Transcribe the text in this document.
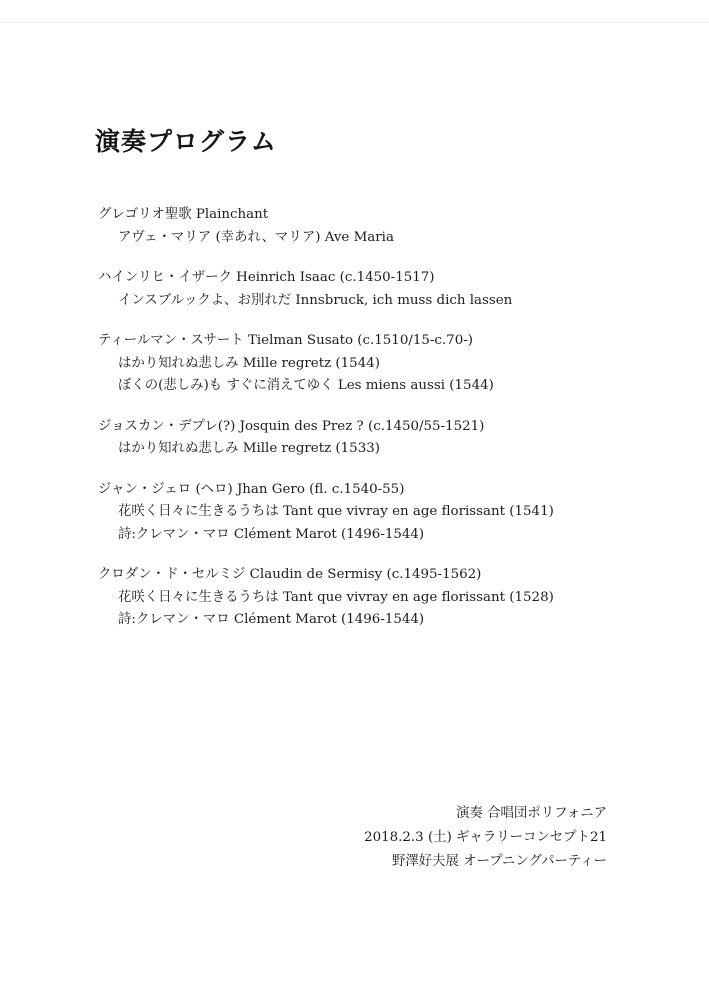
演奏プログラム
グレゴリオ聖歌 Plainchant
アヴェ・マリア (幸あれ、マリア) Ave Maria
ハインリヒ・イザーク Heinrich Isaac (c.1450-1517)
インスブルックよ、お別れだ Innsbruck, ich muss dich lassen
ティールマン・スサート Tielman Susato (c.1510/15-c.70-)
はかり知れぬ悲しみ Mille regretz (1544)
ぼくの(悲しみ)も すぐに消えてゆく Les miens aussi (1544)
ジョスカン・デプレ(?) Josquin des Prez ? (c.1450/55-1521)
はかり知れぬ悲しみ Mille regretz (1533)
ジャン・ジェロ (ヘロ) Jhan Gero (fl. c.1540-55)
花咲く日々に生きるうちは Tant que vivray en age florissant (1541)
詩:クレマン・マロ Clément Marot (1496-1544)
クロダン・ド・セルミジ Claudin de Sermisy (c.1495-1562)
花咲く日々に生きるうちは Tant que vivray en age florissant (1528)
詩:クレマン・マロ Clément Marot (1496-1544)
演奏 合唱団ポリフォニア
2018.2.3 (土) ギャラリーコンセプト21
野澤好夫展 オープニングパーティー
